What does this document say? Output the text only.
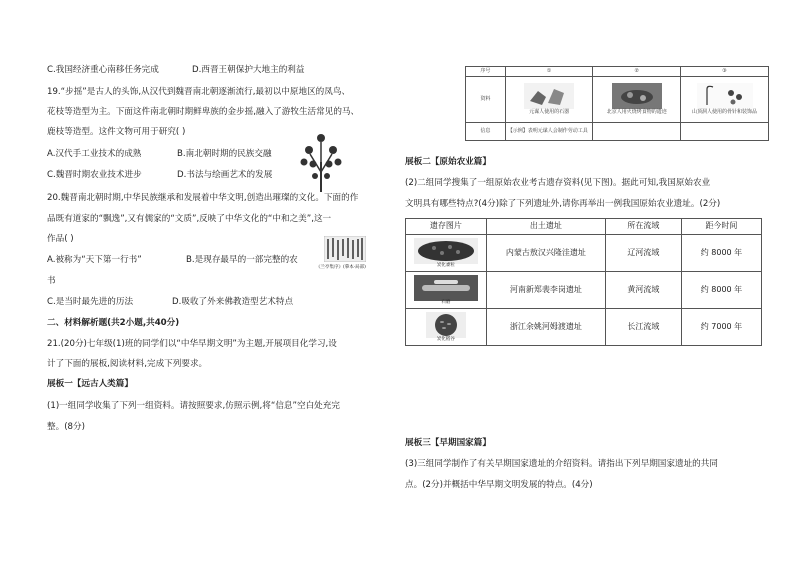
C.我国经济重心南移任务完成	D.西晋王朝保护大地主的利益
19.“步摇”是古人的头饰,从汉代到魏晋南北朝逐渐流行,最初以中原地区的凤鸟、
花枝等造型为主。下面这件南北朝时期鲜卑族的金步摇,融入了游牧生活常见的马、
鹿枝等造型。这件文物可用于研究( )
A.汉代手工业技术的成熟	B.南北朝时期的民族交融
C.魏晋时期农业技术进步	D.书法与绘画艺术的发展
20.魏晋南北朝时期,中华民族继承和发展着中华文明,创造出璀璨的文化。下面的作
品既有道家的“飘逸”,又有儒家的“文质”,反映了中华文化的“中和之美”,这一
作品( )
A.被称为“天下第一行书”	B.是现存最早的一部完整的农
书
C.是当时最先进的历法	D.吸收了外来佛教造型艺术特点
《兰亭集序》(摹本·局部)
二、材料解析题(共2小题,共40分)
21.(20分)七年级(1)班的同学们以“中华早期文明”为主题,开展项目化学习,设
计了下面的展板,阅读材料,完成下列要求。
展板一【远古人类篇】
(1)一组同学收集了下列一组资料。请按照要求,仿照示例,将“信息”空白处充完
整。(8分)
序号	①	②	③
资料	元谋人使用的石器	北京人用火烧烤食物的遗迹	山顶洞人使用的骨针和装饰品

信息	【示例】表明元谋人会制作劳动工具		
展板二【原始农业篇】
(2)二组同学搜集了一组原始农业考古遗存资料(见下图)。据此可知,我国原始农业
文明具有哪些特点?(4分)除了下列遗址外,请你再举出一例我国原始农业遗址。(2分)
遗存图片	出土遗址	所在流域	距今时间

炭化黍粒	内蒙古敖汉兴隆洼遗址	辽河流域	约 8000 年

石磨	河南新郑裴李岗遗址	黄河流域	约 8000 年

炭化稻谷	浙江余姚河姆渡遗址	长江流域	约 7000 年
展板三【早期国家篇】
(3)三组同学制作了有关早期国家遗址的介绍资料。请指出下列早期国家遗址的共同
点。(2分)并概括中华早期文明发展的特点。(4分)
